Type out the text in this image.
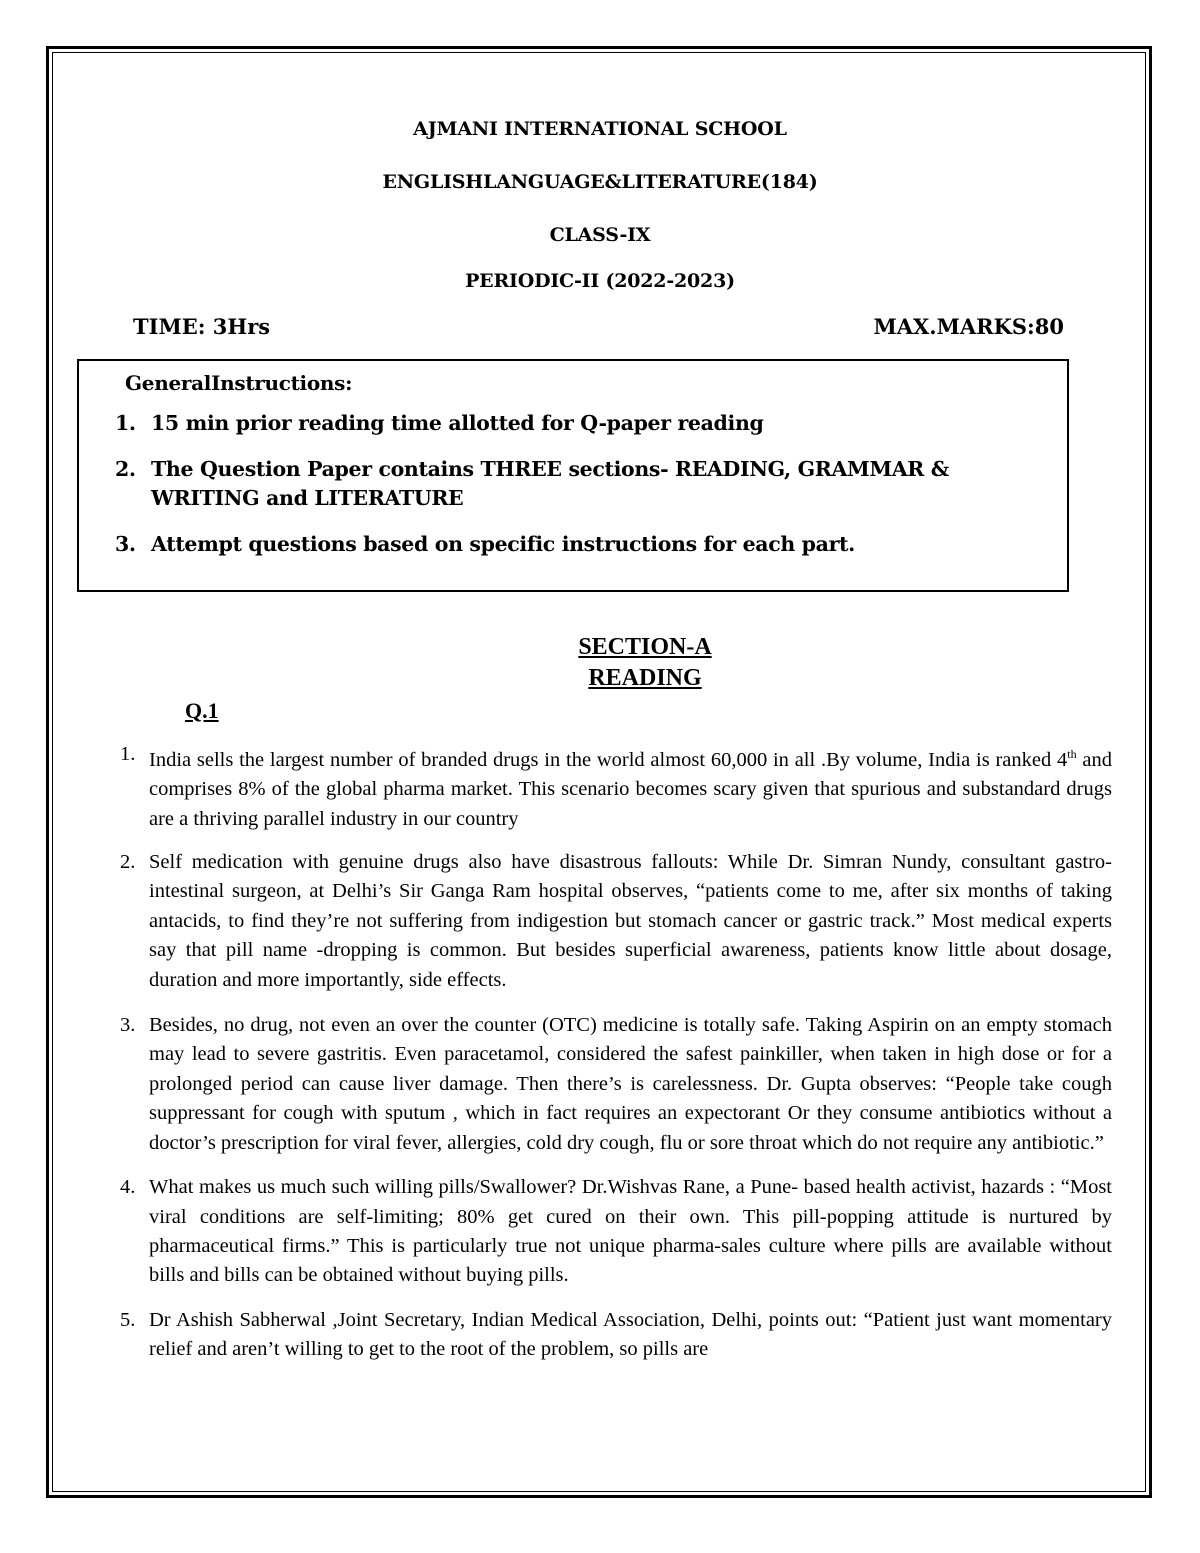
AJMANI INTERNATIONAL SCHOOL
ENGLISHLANGUAGE&LITERATURE(184)
CLASS-IX
PERIODIC-II (2022-2023)
TIME: 3Hrs	MAX.MARKS:80
GeneralInstructions:
1. 15 min prior reading time allotted for Q-paper reading
2. The Question Paper contains THREE sections- READING, GRAMMAR & WRITING and LITERATURE
3. Attempt questions based on specific instructions for each part.
SECTION-A
READING
Q.1
1. India sells the largest number of branded drugs in the world almost 60,000 in all .By volume, India is ranked 4th and comprises 8% of the global pharma market. This scenario becomes scary given that spurious and substandard drugs are a thriving parallel industry in our country
2. Self medication with genuine drugs also have disastrous fallouts: While Dr. Simran Nundy, consultant gastro-intestinal surgeon, at Delhi’s Sir Ganga Ram hospital observes, “patients come to me, after six months of taking antacids, to find they’re not suffering from indigestion but stomach cancer or gastric track.” Most medical experts say that pill name -dropping is common. But besides superficial awareness, patients know little about dosage, duration and more importantly, side effects.
3. Besides, no drug, not even an over the counter (OTC) medicine is totally safe. Taking Aspirin on an empty stomach may lead to severe gastritis. Even paracetamol, considered the safest painkiller, when taken in high dose or for a prolonged period can cause liver damage. Then there’s is carelessness. Dr. Gupta observes: “People take cough suppressant for cough with sputum , which in fact requires an expectorant Or they consume antibiotics without a doctor’s prescription for viral fever, allergies, cold dry cough, flu or sore throat which do not require any antibiotic.”
4. What makes us much such willing pills/Swallower? Dr.Wishvas Rane, a Pune- based health activist, hazards : “Most viral conditions are self-limiting; 80% get cured on their own. This pill-popping attitude is nurtured by pharmaceutical firms.” This is particularly true not unique pharma-sales culture where pills are available without bills and bills can be obtained without buying pills.
5. Dr Ashish Sabherwal ,Joint Secretary, Indian Medical Association, Delhi, points out: “Patient just want momentary relief and aren’t willing to get to the root of the problem, so pills are
